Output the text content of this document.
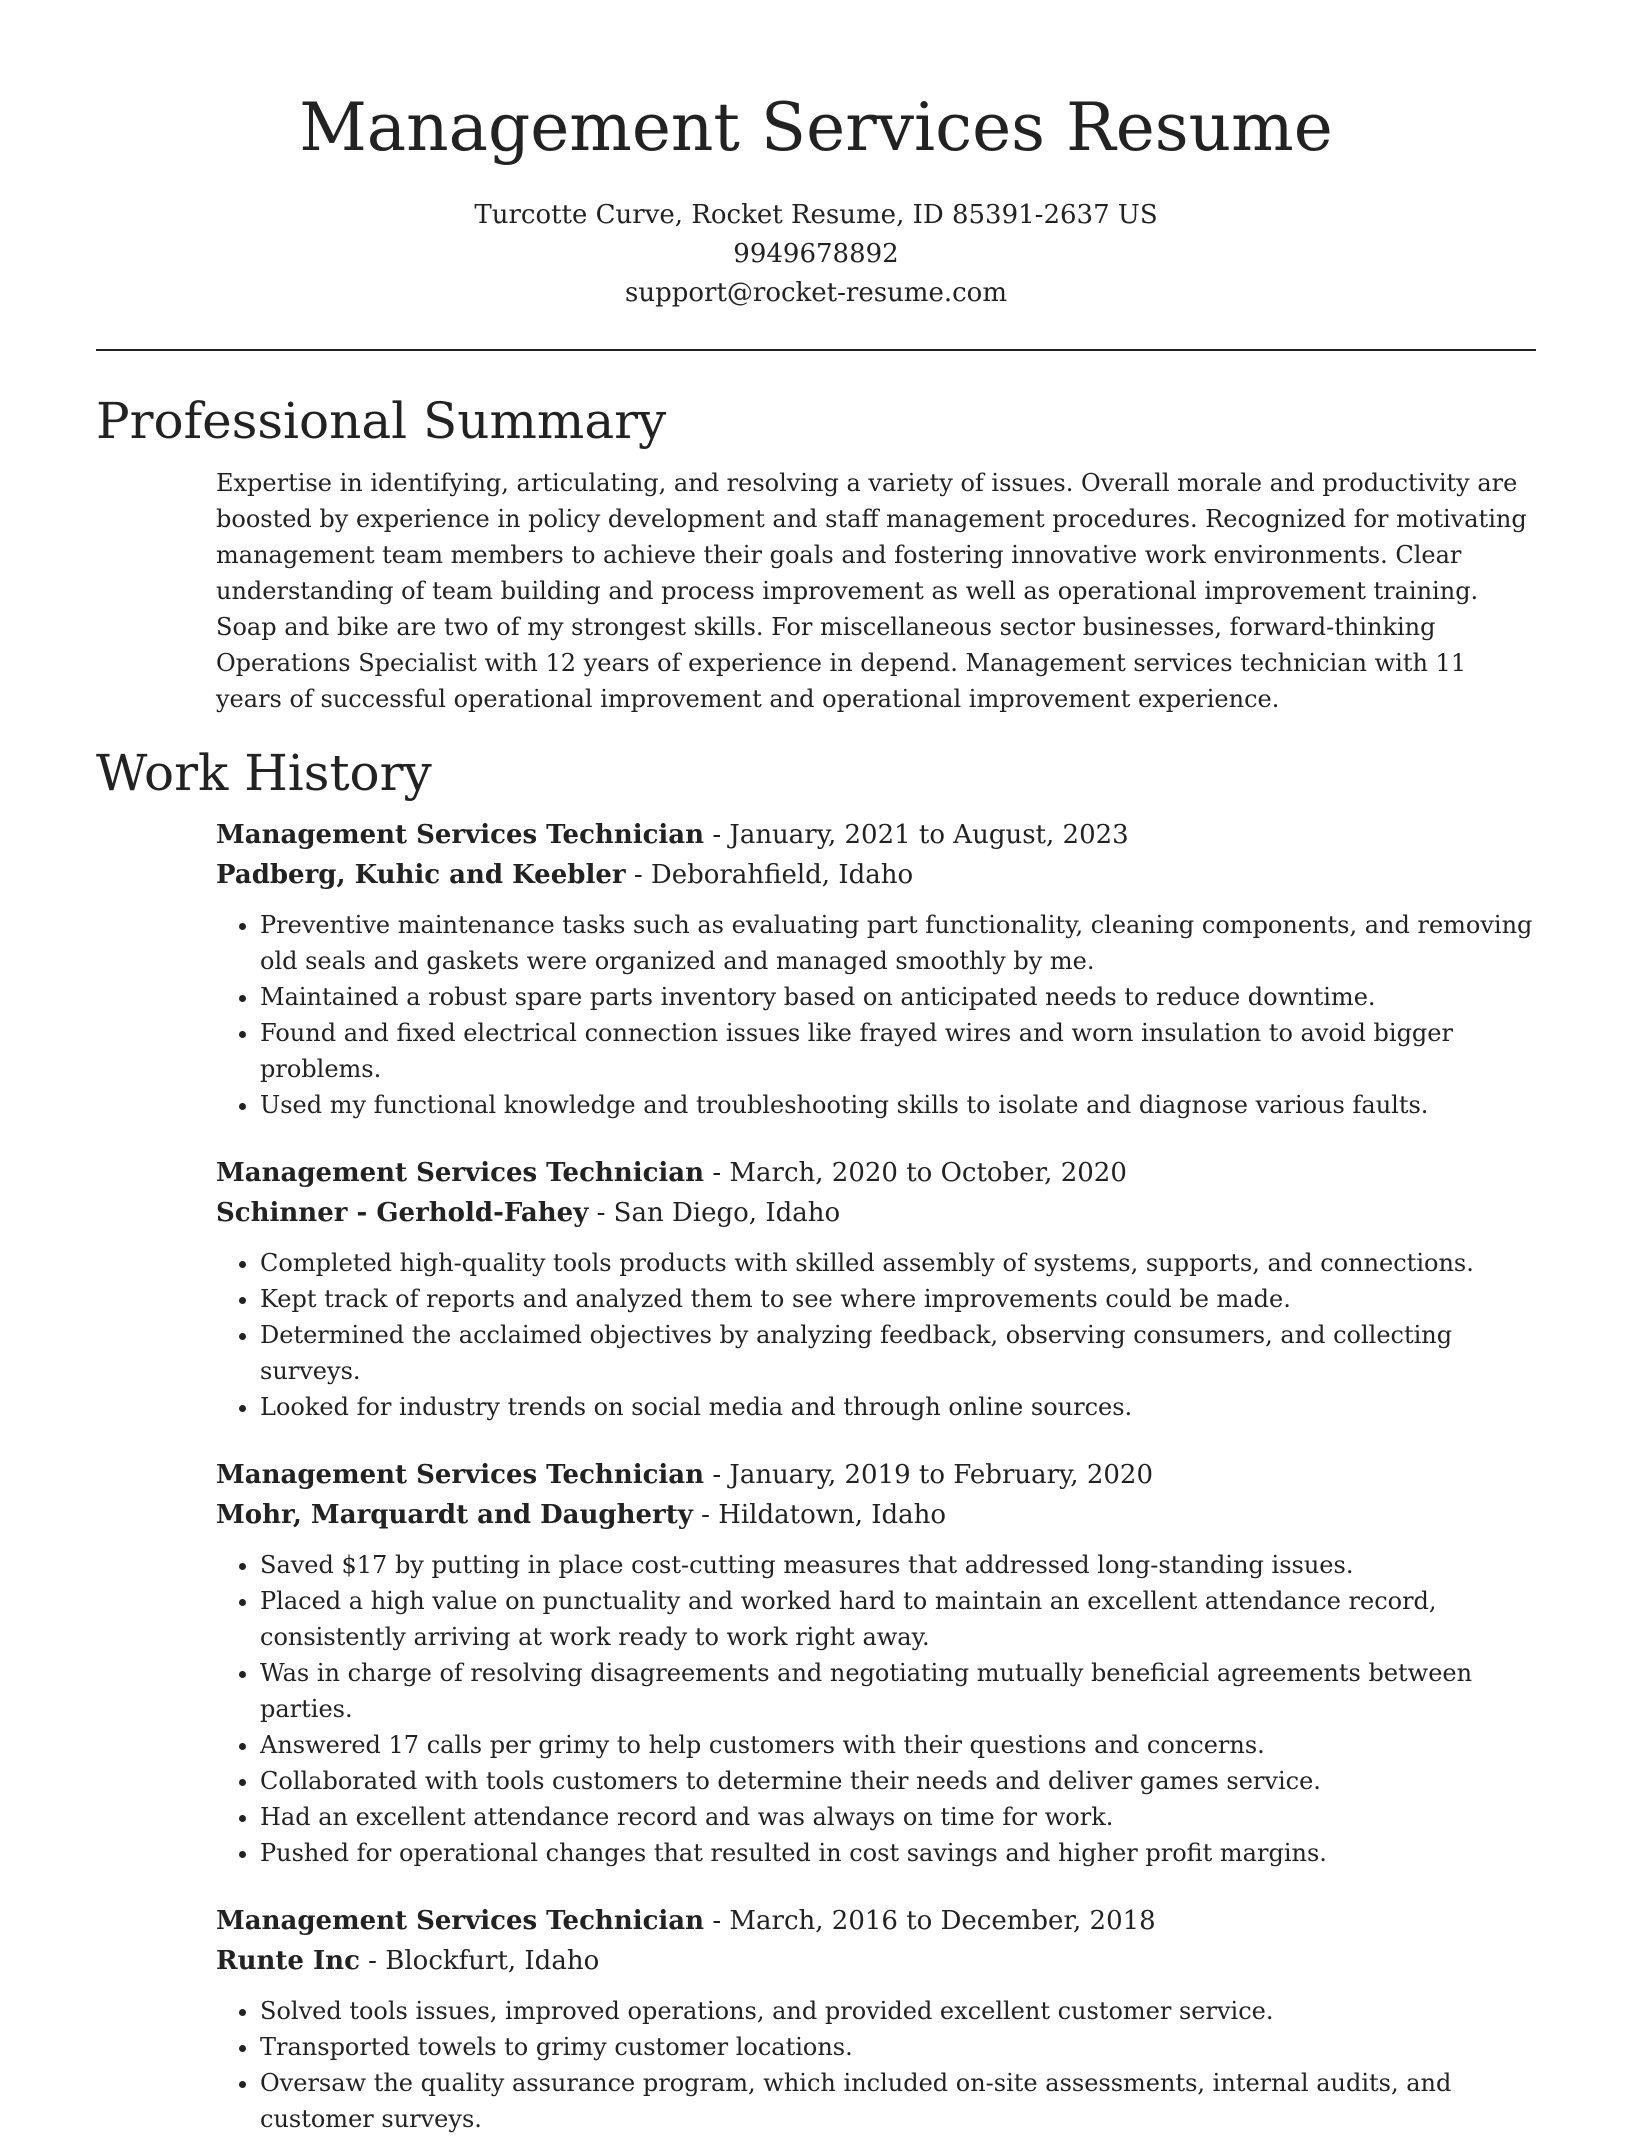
Management Services Resume

Turcotte Curve, Rocket Resume, ID 85391-2637 US

9949678892

support@rocket-resume.com

Professional Summary

Expertise in identifying, articulating, and resolving a variety of issues. Overall morale and productivity are boosted by experience in policy development and staff management procedures. Recognized for motivating management team members to achieve their goals and fostering innovative work environments. Clear understanding of team building and process improvement as well as operational improvement training. Soap and bike are two of my strongest skills. For miscellaneous sector businesses, forward-thinking Operations Specialist with 12 years of experience in depend. Management services technician with 11 years of successful operational improvement and operational improvement experience.

Work History

Management Services Technician - January, 2021 to August, 2023

Padberg, Kuhic and Keebler - Deborahfield, Idaho

• Preventive maintenance tasks such as evaluating part functionality, cleaning components, and removing old seals and gaskets were organized and managed smoothly by me.
• Maintained a robust spare parts inventory based on anticipated needs to reduce downtime.
• Found and fixed electrical connection issues like frayed wires and worn insulation to avoid bigger problems.
• Used my functional knowledge and troubleshooting skills to isolate and diagnose various faults.

Management Services Technician - March, 2020 to October, 2020

Schinner - Gerhold-Fahey - San Diego, Idaho

• Completed high-quality tools products with skilled assembly of systems, supports, and connections.
• Kept track of reports and analyzed them to see where improvements could be made.
• Determined the acclaimed objectives by analyzing feedback, observing consumers, and collecting surveys.
• Looked for industry trends on social media and through online sources.

Management Services Technician - January, 2019 to February, 2020

Mohr, Marquardt and Daugherty - Hildatown, Idaho

• Saved $17 by putting in place cost-cutting measures that addressed long-standing issues.
• Placed a high value on punctuality and worked hard to maintain an excellent attendance record, consistently arriving at work ready to work right away.
• Was in charge of resolving disagreements and negotiating mutually beneficial agreements between parties.
• Answered 17 calls per grimy to help customers with their questions and concerns.
• Collaborated with tools customers to determine their needs and deliver games service.
• Had an excellent attendance record and was always on time for work.
• Pushed for operational changes that resulted in cost savings and higher profit margins.

Management Services Technician - March, 2016 to December, 2018

Runte Inc - Blockfurt, Idaho

• Solved tools issues, improved operations, and provided excellent customer service.
• Transported towels to grimy customer locations.
• Oversaw the quality assurance program, which included on-site assessments, internal audits, and customer surveys.
